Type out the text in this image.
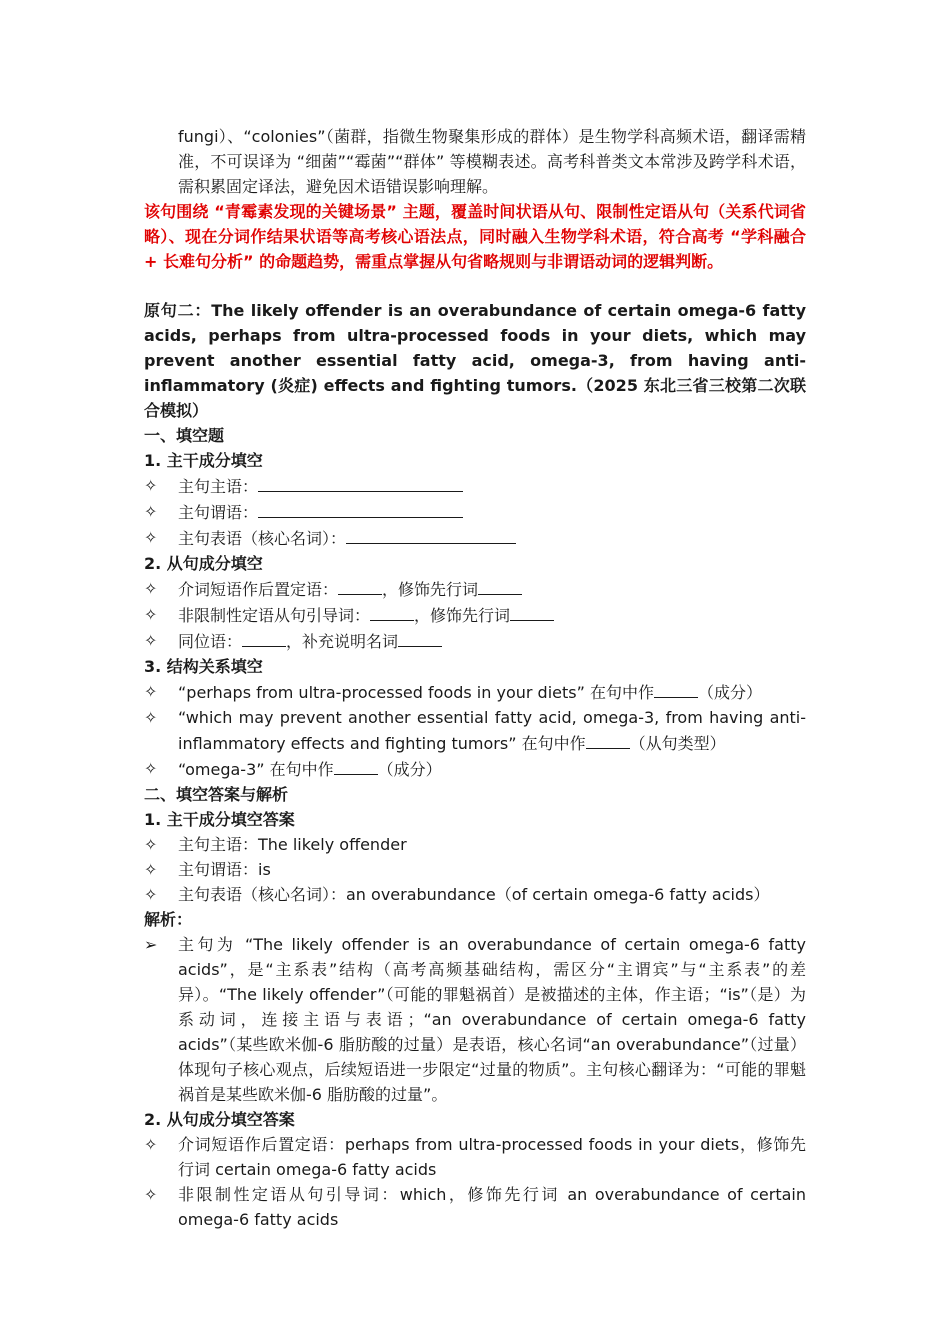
fungi）、“colonies”（菌群，指微生物聚集形成的群体）是生物学科高频术语，翻译需精准，不可误译为 “细菌”“霉菌”“群体” 等模糊表述。高考科普类文本常涉及跨学科术语，需积累固定译法，避免因术语错误影响理解。
该句围绕 “青霉素发现的关键场景” 主题，覆盖时间状语从句、限制性定语从句（关系代词省略）、现在分词作结果状语等高考核心语法点，同时融入生物学科术语，符合高考 “学科融合 + 长难句分析” 的命题趋势，需重点掌握从句省略规则与非谓语动词的逻辑判断。
原句二：The likely offender is an overabundance of certain omega-6 fatty acids, perhaps from ultra-processed foods in your diets, which may prevent another essential fatty acid, omega-3, from having anti-inflammatory (炎症) effects and fighting tumors.（2025 东北三省三校第二次联合模拟）
一、填空题
1. 主干成分填空
✧	主句主语：
✧	主句谓语：
✧	主句表语（核心名词）：
2. 从句成分填空
✧	介词短语作后置定语：	，修饰先行词
✧	非限制性定语从句引导词：	，修饰先行词
✧	同位语：	，补充说明名词
3. 结构关系填空
✧	“perhaps from ultra-processed foods in your diets” 在句中作	（成分）
✧	“which may prevent another essential fatty acid, omega-3, from having anti-inflammatory effects and fighting tumors” 在句中作	（从句类型）
✧	“omega-3” 在句中作	（成分）
二、填空答案与解析
1. 主干成分填空答案
✧	主句主语：The likely offender
✧	主句谓语：is
✧	主句表语（核心名词）：an overabundance（of certain omega-6 fatty acids）
解析：
➢	主句为 “The likely offender is an overabundance of certain omega-6 fatty acids”，是“主系表”结构（高考高频基础结构，需区分“主谓宾”与“主系表”的差异）。“The likely offender”（可能的罪魁祸首）是被描述的主体，作主语；“is”（是）为系动词，连接主语与表语；“an overabundance of certain omega-6 fatty acids”（某些欧米伽-6 脂肪酸的过量）是表语，核心名词“an overabundance”（过量）体现句子核心观点，后续短语进一步限定“过量的物质”。主句核心翻译为：“可能的罪魁祸首是某些欧米伽-6 脂肪酸的过量”。
2. 从句成分填空答案
✧	介词短语作后置定语：perhaps from ultra-processed foods in your diets，修饰先行词 certain omega-6 fatty acids
✧	非限制性定语从句引导词：which，修饰先行词 an overabundance of certain omega-6 fatty acids
